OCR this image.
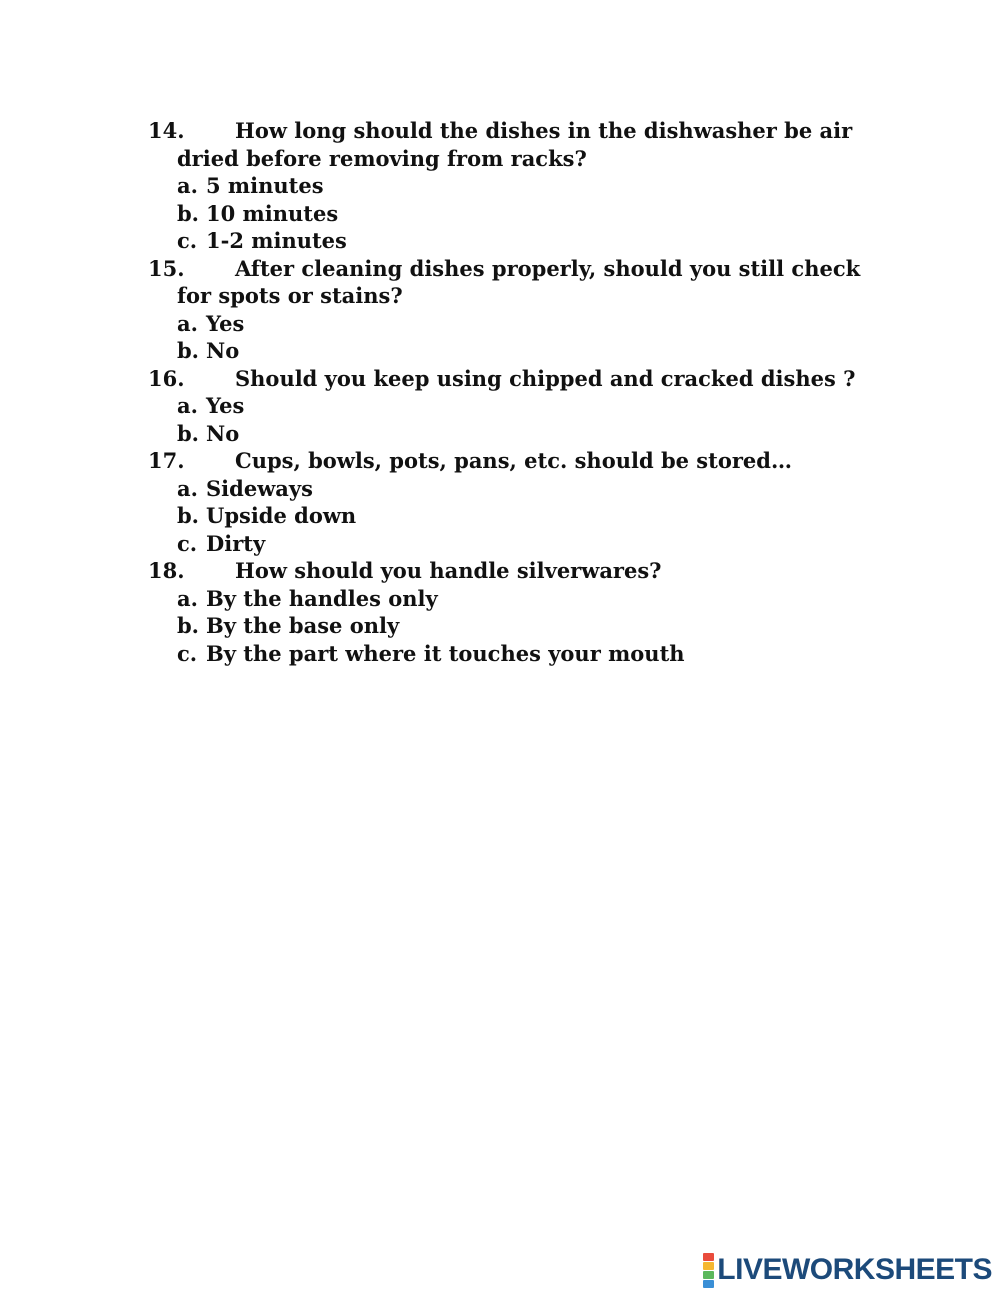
14.	How long should the dishes in the dishwasher be air
dried before removing from racks?
a. 5 minutes
b. 10 minutes
c. 1-2 minutes
15.	After cleaning dishes properly, should you still check
for spots or stains?
a. Yes
b. No
16.	Should you keep using chipped and cracked dishes ?
a. Yes
b. No
17.	Cups, bowls, pots, pans, etc. should be stored…
a. Sideways
b. Upside down
c. Dirty
18.	How should you handle silverwares?
a. By the handles only
b. By the base only
c. By the part where it touches your mouth
LIVEWORKSHEETS
